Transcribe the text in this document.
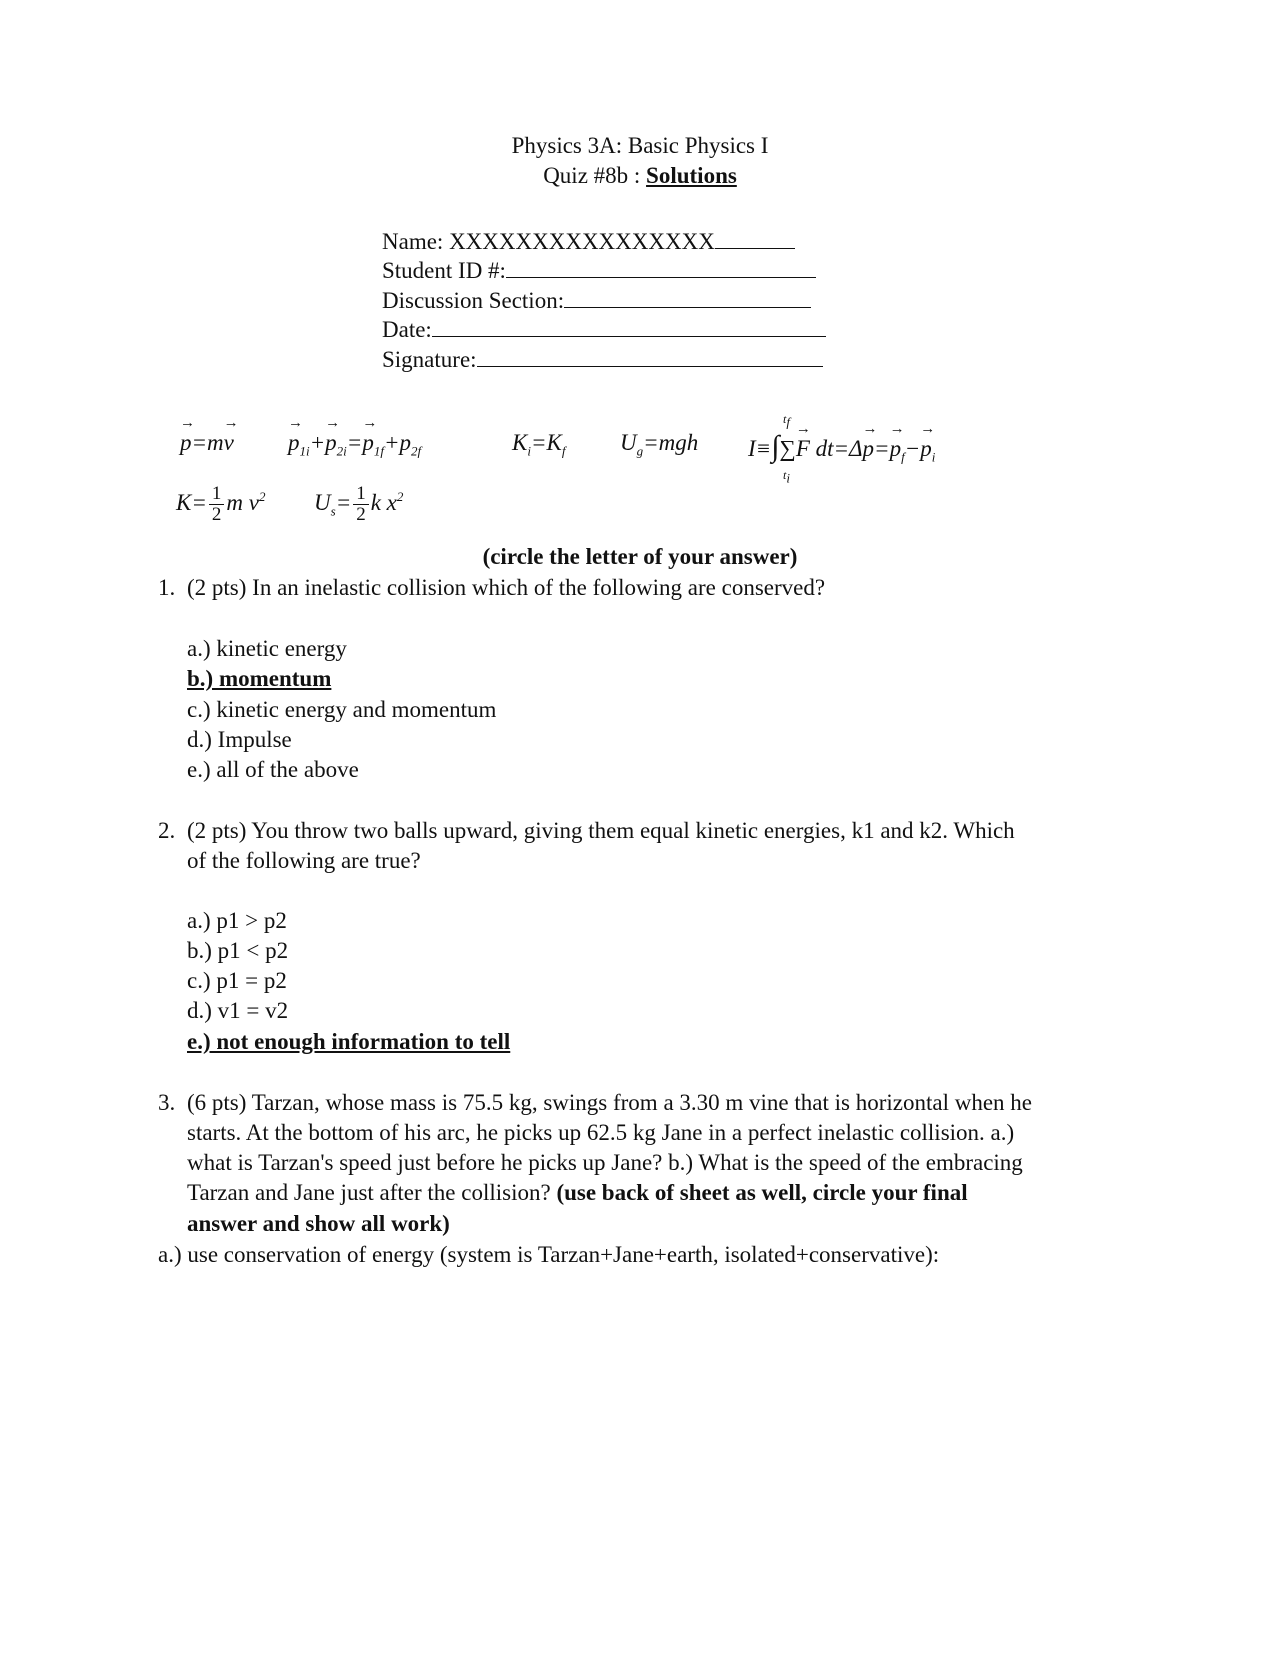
Physics 3A: Basic Physics I
Quiz #8b : Solutions
Name: XXXXXXXXXXXXXXXX
Student ID #:
Discussion Section:
Date:
Signature:
→ p=m→ v
→ $p_{1i}+\to p_{2i}=\to p_{1f}+p_{2f}$	$K_i=K_f$ $U_g=mgh$
$t_f$
I≡∫∑→ F $dt=\Delta\to p=\to p_f-\to p_i$
$t_i$
$K= \frac{1}{2}$ m $v^2$ $U_s= \frac{1}{2}$ k $x^2$
(circle the letter of your answer)
1. (2 pts) In an inelastic collision which of the following are conserved?
a.) kinetic energy
b.) momentum
c.) kinetic energy and momentum
d.) Impulse
e.) all of the above
2. (2 pts) You throw two balls upward, giving them equal kinetic energies, k1 and k2. Which
of the following are true?
a.) p1 > p2
b.) p1 < p2
c.) p1 = p2
d.) v1 = v2
e.) not enough information to tell
3. (6 pts) Tarzan, whose mass is 75.5 kg, swings from a 3.30 m vine that is horizontal when he
starts. At the bottom of his arc, he picks up 62.5 kg Jane in a perfect inelastic collision. a.)
what is Tarzan's speed just before he picks up Jane? b.) What is the speed of the embracing
Tarzan and Jane just after the collision? (use back of sheet as well, circle your final
answer and show all work)
a.) use conservation of energy (system is Tarzan+Jane+earth, isolated+conservative):
